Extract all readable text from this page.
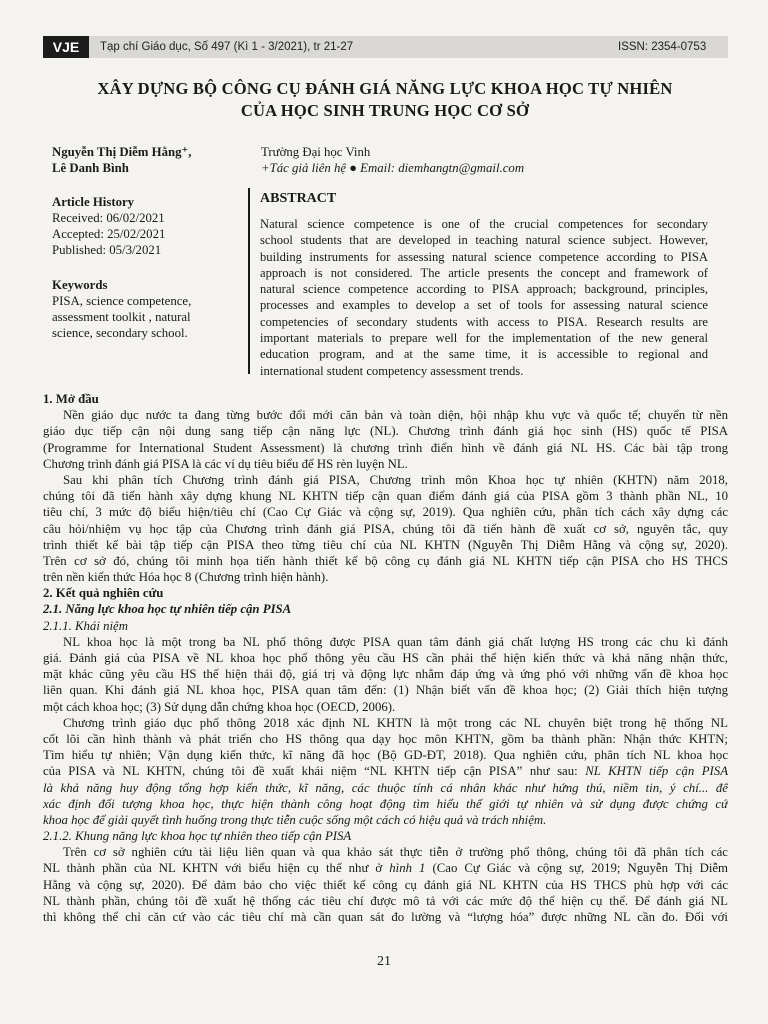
VJE	Tạp chí Giáo dục, Số 497 (Kì 1 - 3/2021), tr 21-27	ISSN: 2354-0753
XÂY DỰNG BỘ CÔNG CỤ ĐÁNH GIÁ NĂNG LỰC KHOA HỌC TỰ NHIÊN
CỦA HỌC SINH TRUNG HỌC CƠ SỞ
Nguyễn Thị Diễm Hằng⁺,
Lê Danh Bình
Trường Đại học Vinh
+Tác giả liên hệ ● Email: diemhangtn@gmail.com
Article History
Received: 06/02/2021
Accepted: 25/02/2021
Published: 05/3/2021
Keywords
PISA, science competence,
assessment toolkit , natural
science, secondary school.
ABSTRACT
Natural science competence is one of the crucial competences for secondary
school students that are developed in teaching natural science subject. However,
building instruments for assessing natural science competence according to PISA
approach is not considered. The article presents the concept and framework of
natural science competence according to PISA approach; background, principles,
processes and examples to develop a set of tools for assessing natural science
competencies of secondary students with access to PISA. Research results are
important materials to prepare well for the implementation of the new general
education program, and at the same time, it is accessible to regional and
international student competency assessment trends.
1. Mở đầu
Nền giáo dục nước ta đang từng bước đổi mới căn bản và toàn diện, hội nhập khu vực và quốc tế; chuyển từ nền
giáo dục tiếp cận nội dung sang tiếp cận năng lực (NL). Chương trình đánh giá học sinh (HS) quốc tế PISA
(Programme for International Student Assessment) là chương trình điển hình về đánh giá NL HS. Các bài tập trong
Chương trình đánh giá PISA là các ví dụ tiêu biểu để HS rèn luyện NL.
Sau khi phân tích Chương trình đánh giá PISA, Chương trình môn Khoa học tự nhiên (KHTN) năm 2018,
chúng tôi đã tiến hành xây dựng khung NL KHTN tiếp cận quan điểm đánh giá của PISA gồm 3 thành phần NL, 10
tiêu chí, 3 mức độ biểu hiện/tiêu chí (Cao Cự Giác và cộng sự, 2019). Qua nghiên cứu, phân tích cách xây dựng các
câu hỏi/nhiệm vụ học tập của Chương trình đánh giá PISA, chúng tôi đã tiến hành đề xuất cơ sở, nguyên tắc, quy
trình thiết kế bài tập tiếp cận PISA theo từng tiêu chí của NL KHTN (Nguyễn Thị Diễm Hằng và cộng sự, 2020).
Trên cơ sở đó, chúng tôi minh họa tiến hành thiết kế bộ công cụ đánh giá NL KHTN tiếp cận PISA cho HS THCS
trên nền kiến thức Hóa học 8 (Chương trình hiện hành).
2. Kết quả nghiên cứu
2.1. Năng lực khoa học tự nhiên tiếp cận PISA
2.1.1. Khái niệm
NL khoa học là một trong ba NL phổ thông được PISA quan tâm đánh giá chất lượng HS trong các chu kì đánh
giá. Đánh giá của PISA về NL khoa học phổ thông yêu cầu HS cần phải thể hiện kiến thức và khả năng nhận thức,
mặt khác cũng yêu cầu HS thể hiện thái độ, giá trị và động lực nhằm đáp ứng và ứng phó với những vấn đề khoa học
liên quan. Khi đánh giá NL khoa học, PISA quan tâm đến: (1) Nhận biết vấn đề khoa học; (2) Giải thích hiện tượng
một cách khoa học; (3) Sử dụng dẫn chứng khoa học (OECD, 2006).
Chương trình giáo dục phổ thông 2018 xác định NL KHTN là một trong các NL chuyên biệt trong hệ thống NL
cốt lõi cần hình thành và phát triển cho HS thông qua dạy học môn KHTN, gồm ba thành phần: Nhận thức KHTN;
Tìm hiểu tự nhiên; Vận dụng kiến thức, kĩ năng đã học (Bộ GD-ĐT, 2018). Qua nghiên cứu, phân tích NL khoa học
của PISA và NL KHTN, chúng tôi đề xuất khái niệm “NL KHTN tiếp cận PISA” như sau: NL KHTN tiếp cận PISA
là khả năng huy động tổng hợp kiến thức, kĩ năng, các thuộc tính cá nhân khác như hứng thú, niềm tin, ý chí... để
xác định đối tượng khoa học, thực hiện thành công hoạt động tìm hiểu thế giới tự nhiên và sử dụng được chứng cứ
khoa học để giải quyết tình huống trong thực tiễn cuộc sống một cách có hiệu quả và trách nhiệm.
2.1.2. Khung năng lực khoa học tự nhiên theo tiếp cận PISA
Trên cơ sở nghiên cứu tài liệu liên quan và qua khảo sát thực tiễn ở trường phổ thông, chúng tôi đã phân tích các
NL thành phần của NL KHTN với biểu hiện cụ thể như ở hình 1 (Cao Cự Giác và cộng sự, 2019; Nguyễn Thị Diễm
Hằng và cộng sự, 2020). Để đảm bảo cho việc thiết kế công cụ đánh giá NL KHTN của HS THCS phù hợp với các
NL thành phần, chúng tôi đề xuất hệ thống các tiêu chí được mô tả với các mức độ thể hiện cụ thể. Để đánh giá NL
thì không thể chỉ căn cứ vào các tiêu chí mà cần quan sát đo lường và “lượng hóa” được những NL cần đo. Đối với
21
